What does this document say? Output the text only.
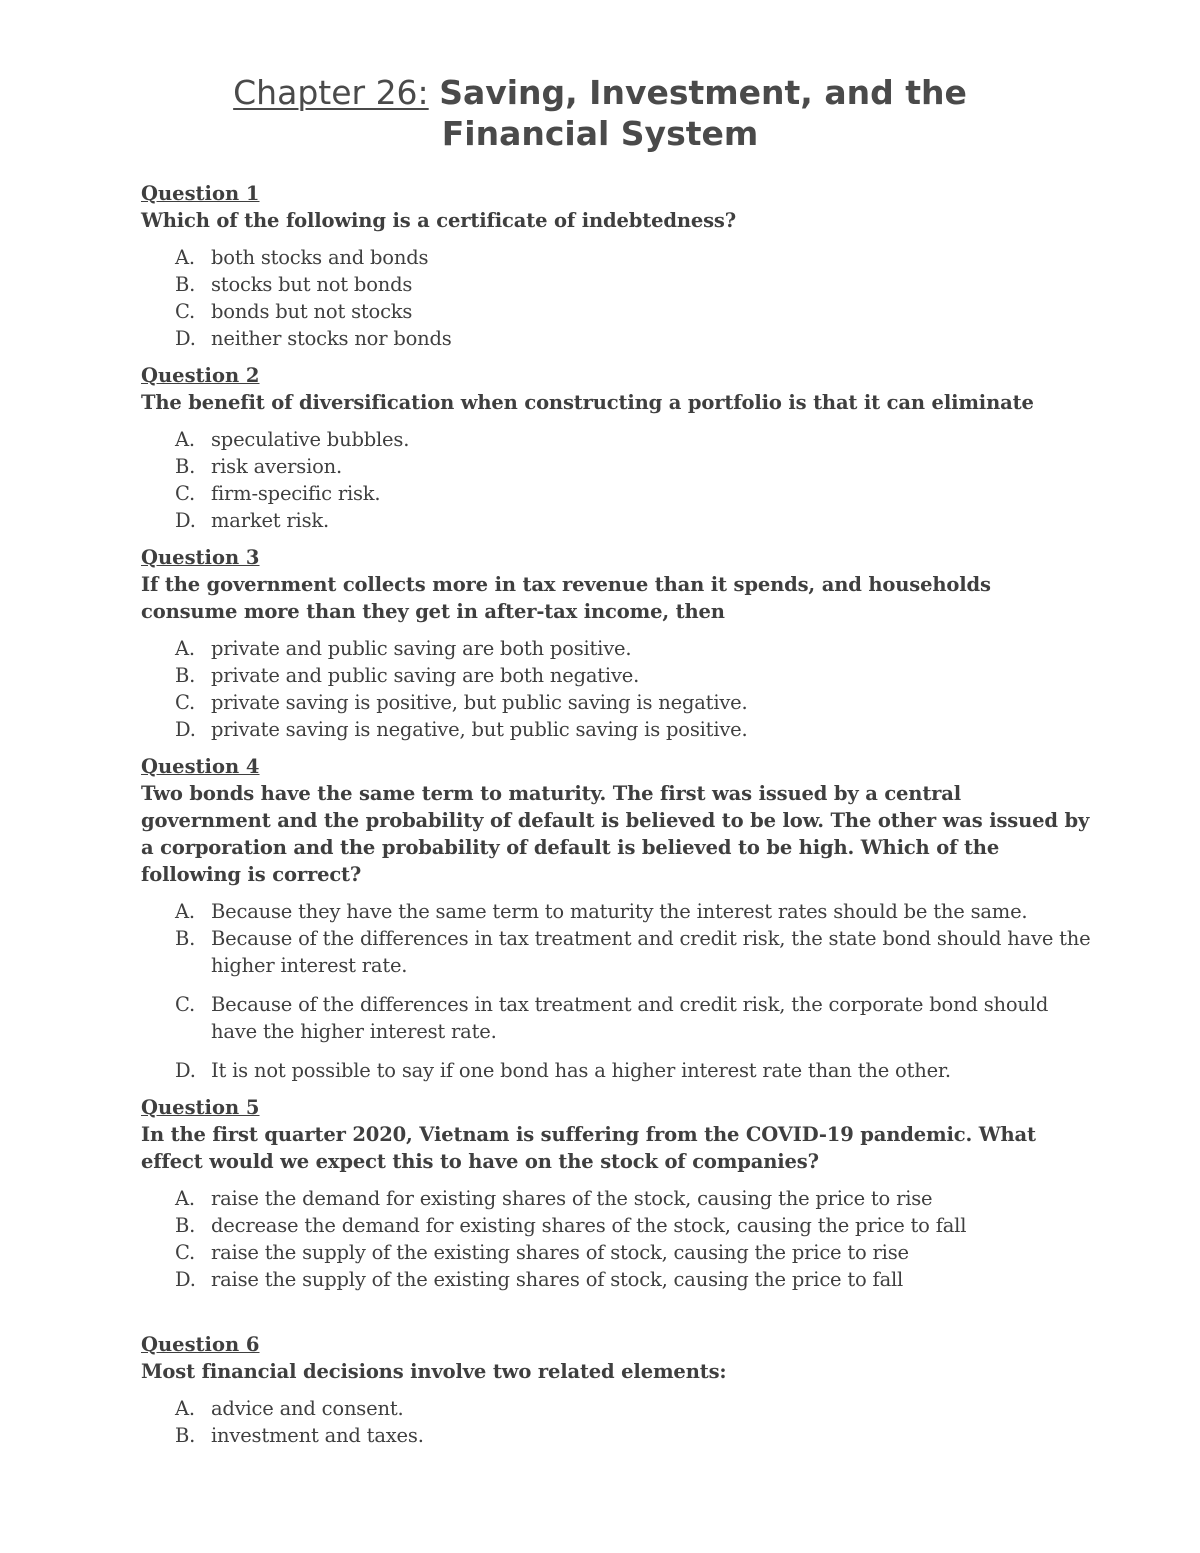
Chapter 26: Saving, Investment, and the
Financial System
Question 1
Which of the following is a certificate of indebtedness?
A. both stocks and bonds
B. stocks but not bonds
C. bonds but not stocks
D. neither stocks nor bonds
Question 2
The benefit of diversification when constructing a portfolio is that it can eliminate
A. speculative bubbles.
B. risk aversion.
C. firm-specific risk.
D. market risk.
Question 3
If the government collects more in tax revenue than it spends, and households consume more than they get in after-tax income, then
A. private and public saving are both positive.
B. private and public saving are both negative.
C. private saving is positive, but public saving is negative.
D. private saving is negative, but public saving is positive.
Question 4
Two bonds have the same term to maturity. The first was issued by a central government and the probability of default is believed to be low. The other was issued by a corporation and the probability of default is believed to be high. Which of the following is correct?
A. Because they have the same term to maturity the interest rates should be the same.
B. Because of the differences in tax treatment and credit risk, the state bond should have the higher interest rate.
C. Because of the differences in tax treatment and credit risk, the corporate bond should have the higher interest rate.
D. It is not possible to say if one bond has a higher interest rate than the other.
Question 5
In the first quarter 2020, Vietnam is suffering from the COVID-19 pandemic. What effect would we expect this to have on the stock of companies?
A. raise the demand for existing shares of the stock, causing the price to rise
B. decrease the demand for existing shares of the stock, causing the price to fall
C. raise the supply of the existing shares of stock, causing the price to rise
D. raise the supply of the existing shares of stock, causing the price to fall
Question 6
Most financial decisions involve two related elements:
A. advice and consent.
B. investment and taxes.
